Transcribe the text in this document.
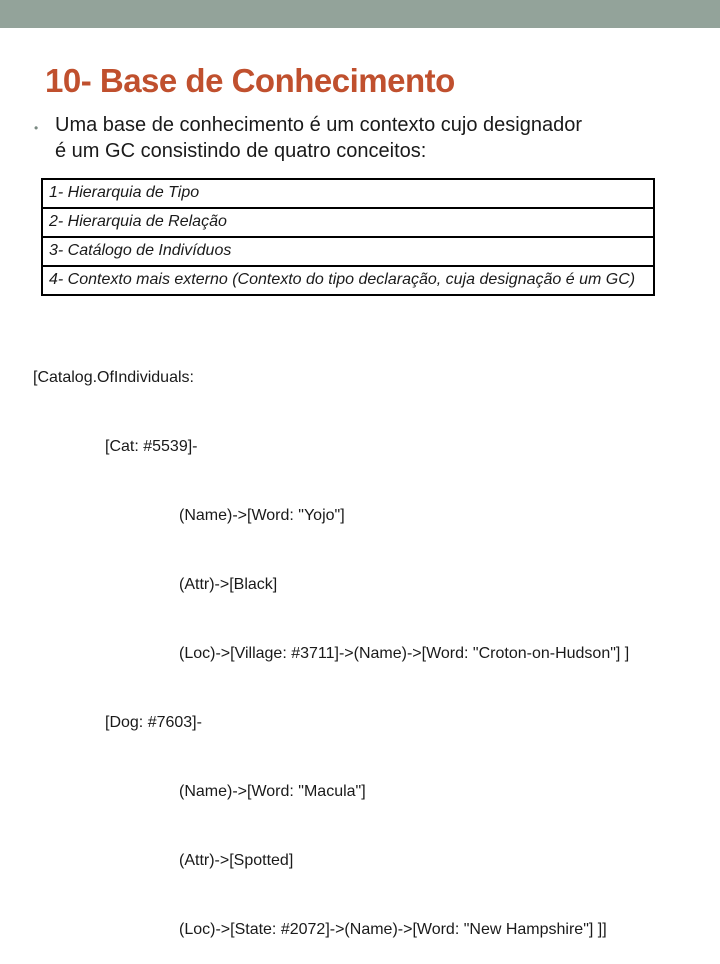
10- Base de Conhecimento
• Uma base de conhecimento é um contexto cujo designador
é um GC consistindo de quatro conceitos:
1- Hierarquia de Tipo
2- Hierarquia de Relação
3- Catálogo de Indivíduos
4- Contexto mais externo (Contexto do tipo declaração, cuja designação é um GC)

[Catalog.OfIndividuals:

[Cat: #5539]-

(Name)->[Word: "Yojo"]

(Attr)->[Black]

(Loc)->[Village: #3711]->(Name)->[Word: "Croton-on-Hudson"] ]

[Dog: #7603]-

(Name)->[Word: "Macula"]

(Attr)->[Spotted]

(Loc)->[State: #2072]->(Name)->[Word: "New Hampshire"] ]]
